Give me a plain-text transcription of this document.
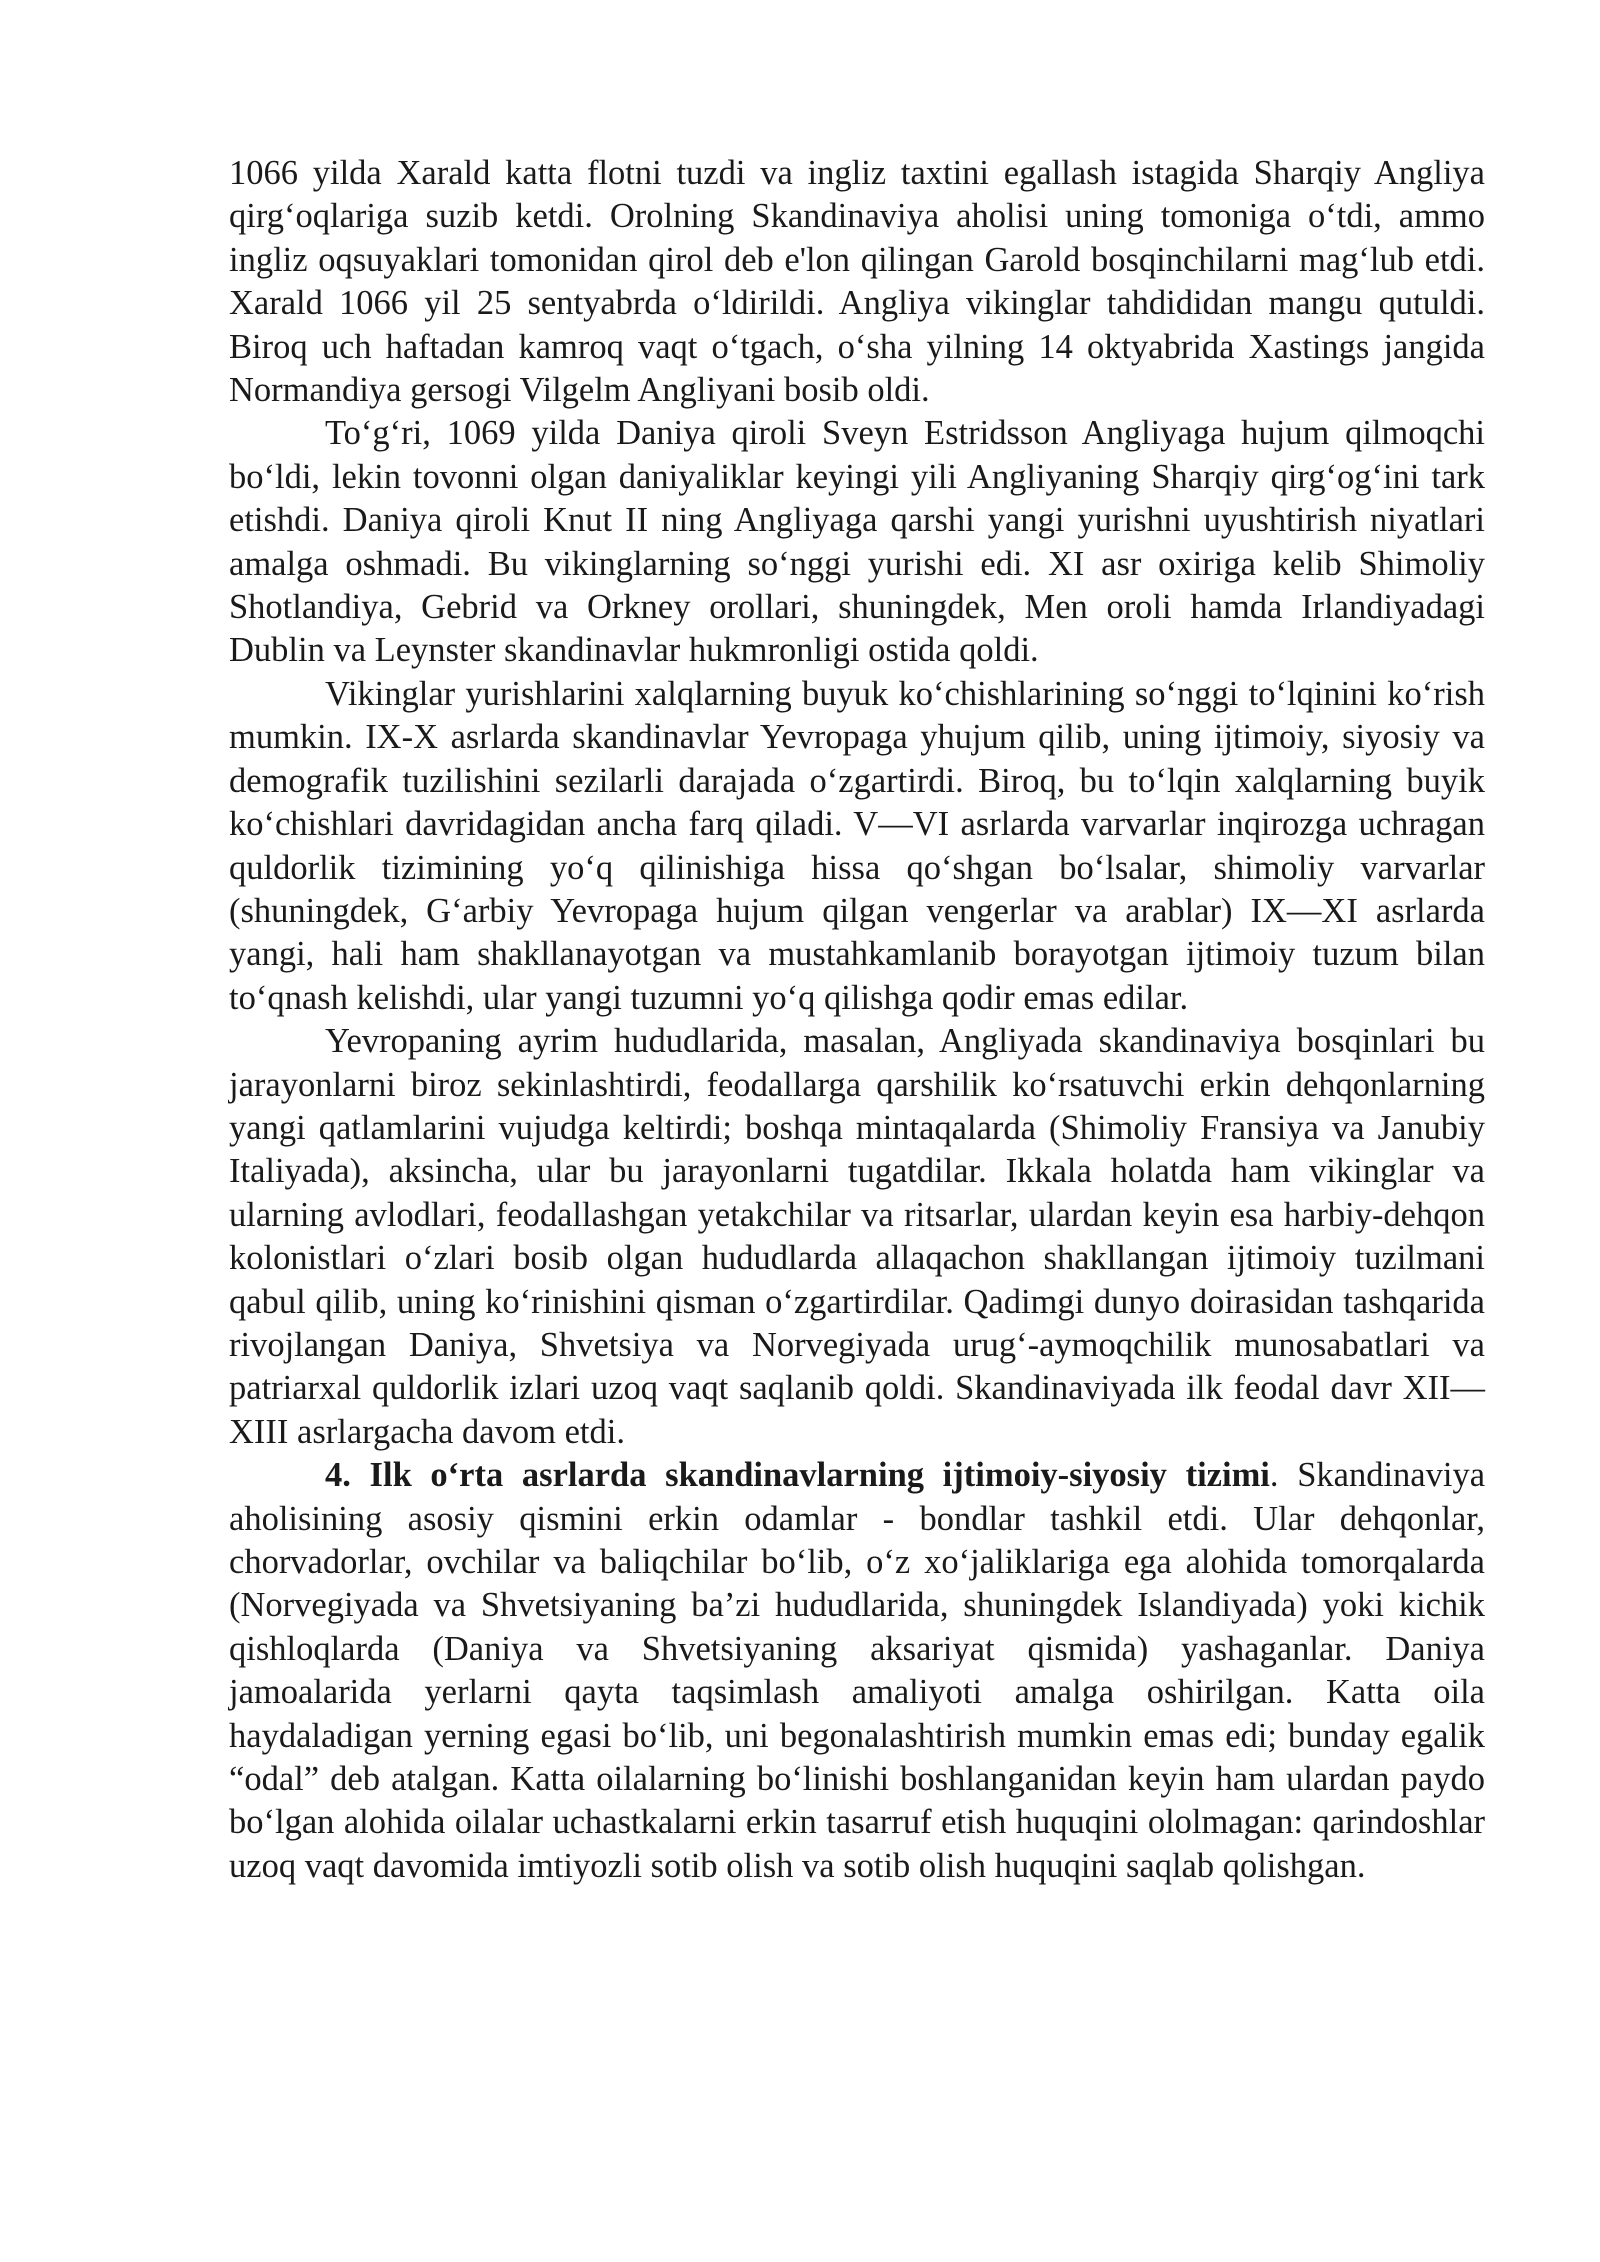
1066 yilda Xarald katta flotni tuzdi va ingliz taxtini egallash istagida Sharqiy Angliya qirg‘oqlariga suzib ketdi. Orolning Skandinaviya aholisi uning tomoniga o‘tdi, ammo ingliz oqsuyaklari tomonidan qirol deb e'lon qilingan Garold bosqinchilarni mag‘lub etdi. Xarald 1066 yil 25 sentyabrda o‘ldirildi. Angliya vikinglar tahdididan mangu qutuldi. Biroq uch haftadan kamroq vaqt o‘tgach, o‘sha yilning 14 oktyabrida Xastings jangida Normandiya gersogi Vilgelm Angliyani bosib oldi.

To‘g‘ri, 1069 yilda Daniya qiroli Sveyn Estridsson Angliyaga hujum qilmoqchi bo‘ldi, lekin tovonni olgan daniyaliklar keyingi yili Angliyaning Sharqiy qirg‘og‘ini tark etishdi. Daniya qiroli Knut II ning Angliyaga qarshi yangi yurishni uyushtirish niyatlari amalga oshmadi. Bu vikinglarning so‘nggi yurishi edi. XI asr oxiriga kelib Shimoliy Shotlandiya, Gebrid va Orkney orollari, shuningdek, Men oroli hamda Irlandiyadagi Dublin va Leynster skandinavlar hukmronligi ostida qoldi.

Vikinglar yurishlarini xalqlarning buyuk ko‘chishlarining so‘nggi to‘lqinini ko‘rish mumkin. IX-X asrlarda skandinavlar Yevropaga yhujum qilib, uning ijtimoiy, siyosiy va demografik tuzilishini sezilarli darajada o‘zgartirdi. Biroq, bu to‘lqin xalqlarning buyik ko‘chishlari davridagidan ancha farq qiladi. V—VI asrlarda varvarlar inqirozga uchragan quldorlik tizimining yo‘q qilinishiga hissa qo‘shgan bo‘lsalar, shimoliy varvarlar (shuningdek, G‘arbiy Yevropaga hujum qilgan vengerlar va arablar) IX—XI asrlarda yangi, hali ham shakllanayotgan va mustahkamlanib borayotgan ijtimoiy tuzum bilan to‘qnash kelishdi, ular yangi tuzumni yo‘q qilishga qodir emas edilar.

Yevropaning ayrim hududlarida, masalan, Angliyada skandinaviya bosqinlari bu jarayonlarni biroz sekinlashtirdi, feodallarga qarshilik ko‘rsatuvchi erkin dehqonlarning yangi qatlamlarini vujudga keltirdi; boshqa mintaqalarda (Shimoliy Fransiya va Janubiy Italiyada), aksincha, ular bu jarayonlarni tugatdilar. Ikkala holatda ham vikinglar va ularning avlodlari, feodallashgan yetakchilar va ritsarlar, ulardan keyin esa harbiy-dehqon kolonistlari o‘zlari bosib olgan hududlarda allaqachon shakllangan ijtimoiy tuzilmani qabul qilib, uning ko‘rinishini qisman o‘zgartirdilar. Qadimgi dunyo doirasidan tashqarida rivojlangan Daniya, Shvetsiya va Norvegiyada urug‘-aymoqchilik munosabatlari va patriarxal quldorlik izlari uzoq vaqt saqlanib qoldi. Skandinaviyada ilk feodal davr XII—XIII asrlargacha davom etdi.

4. Ilk o‘rta asrlarda skandinavlarning ijtimoiy-siyosiy tizimi. Skandinaviya aholisining asosiy qismini erkin odamlar - bondlar tashkil etdi. Ular dehqonlar, chorvadorlar, ovchilar va baliqchilar bo‘lib, o‘z xo‘jaliklariga ega alohida tomorqalarda (Norvegiyada va Shvetsiyaning ba’zi hududlarida, shuningdek Islandiyada) yoki kichik qishloqlarda (Daniya va Shvetsiyaning aksariyat qismida) yashaganlar. Daniya jamoalarida yerlarni qayta taqsimlash amaliyoti amalga oshirilgan. Katta oila haydaladigan yerning egasi bo‘lib, uni begonalashtirish mumkin emas edi; bunday egalik “odal” deb atalgan. Katta oilalarning bo‘linishi boshlanganidan keyin ham ulardan paydo bo‘lgan alohida oilalar uchastkalarni erkin tasarruf etish huquqini ololmagan: qarindoshlar uzoq vaqt davomida imtiyozli sotib olish va sotib olish huquqini saqlab qolishgan.
